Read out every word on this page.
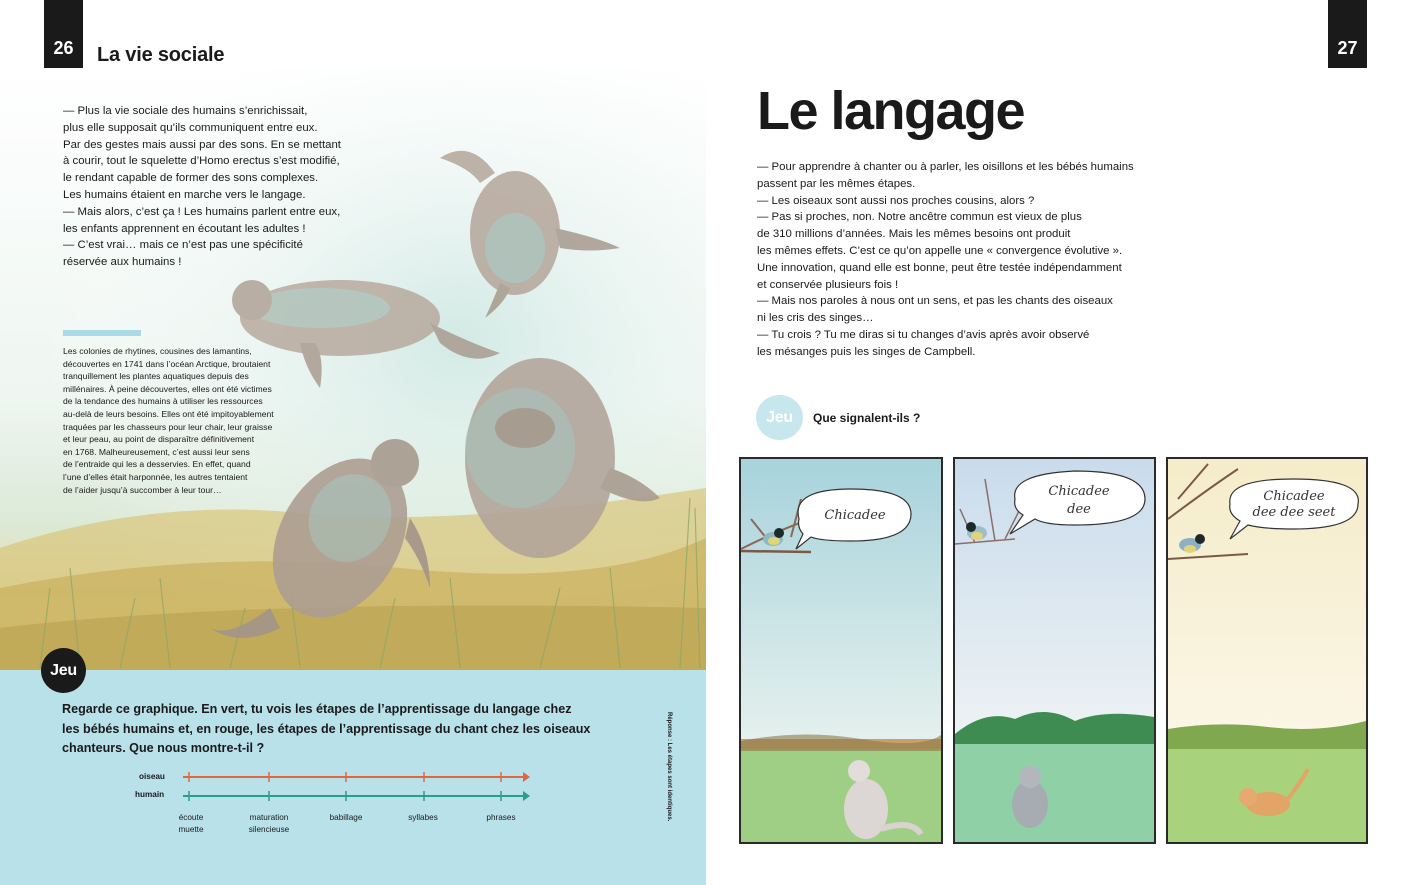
26	La vie sociale
— Plus la vie sociale des humains s’enrichissait,
plus elle supposait qu’ils communiquent entre eux.
Par des gestes mais aussi par des sons. En se mettant
à courir, tout le squelette d’Homo erectus s’est modifié,
le rendant capable de former des sons complexes.
Les humains étaient en marche vers le langage.
— Mais alors, c’est ça ! Les humains parlent entre eux,
les enfants apprennent en écoutant les adultes !
— C’est vrai… mais ce n’est pas une spécificité
réservée aux humains !
Les colonies de rhytines, cousines des lamantins,
découvertes en 1741 dans l’océan Arctique, broutaient
tranquillement les plantes aquatiques depuis des
millénaires. À peine découvertes, elles ont été victimes
de la tendance des humains à utiliser les ressources
au-delà de leurs besoins. Elles ont été impitoyablement
traquées par les chasseurs pour leur chair, leur graisse
et leur peau, au point de disparaître définitivement
en 1768. Malheureusement, c’est aussi leur sens
de l’entraide qui les a desservies. En effet, quand
l’une d’elles était harponnée, les autres tentaient
de l’aider jusqu’à succomber à leur tour…
Jeu
Regarde ce graphique. En vert, tu vois les étapes de l’apprentissage du langage chez
les bébés humains et, en rouge, les étapes de l’apprentissage du chant chez les oiseaux
chanteurs. Que nous montre-t-il ?
oiseau
humain
écoute
muette
maturation
silencieuse
babillage	syllabes	phrases	Réponse : Les étapes sont identiques.
27
Le langage
— Pour apprendre à chanter ou à parler, les oisillons et les bébés humains
passent par les mêmes étapes.
— Les oiseaux sont aussi nos proches cousins, alors ?
— Pas si proches, non. Notre ancêtre commun est vieux de plus
de 310 millions d’années. Mais les mêmes besoins ont produit
les mêmes effets. C’est ce qu’on appelle une « convergence évolutive ».
Une innovation, quand elle est bonne, peut être testée indépendamment
et conservée plusieurs fois !
— Mais nos paroles à nous ont un sens, et pas les chants des oiseaux
ni les cris des singes…
— Tu crois ? Tu me diras si tu changes d’avis après avoir observé
les mésanges puis les singes de Campbell.
Jeu	Que signalent-ils ?
Chicadee
Chicadee
dee
Chicadee
dee dee seet
